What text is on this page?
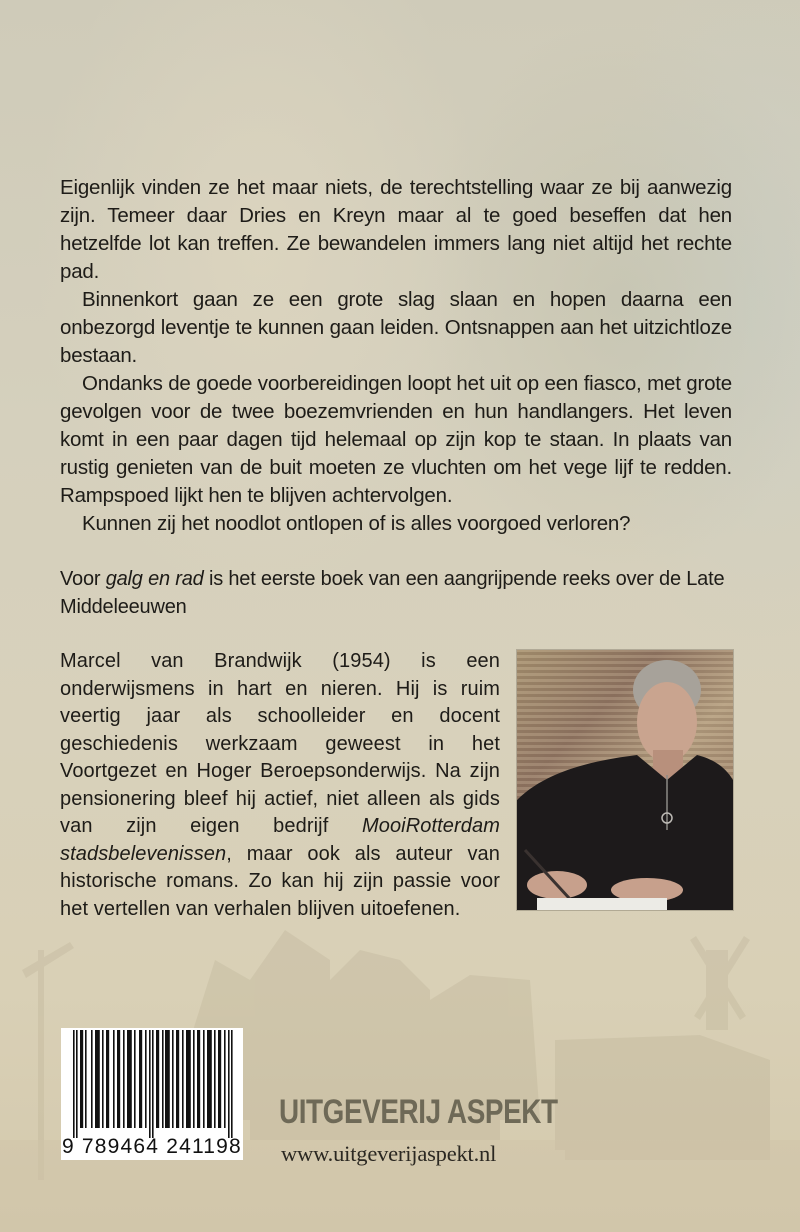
Eigenlijk vinden ze het maar niets, de terechtstelling waar ze bij aanwezig zijn. Temeer daar Dries en Kreyn maar al te goed beseffen dat hen hetzelfde lot kan treffen. Ze bewandelen immers lang niet altijd het rechte pad.

Binnenkort gaan ze een grote slag slaan en hopen daarna een onbezorgd leventje te kunnen gaan leiden. Ontsnappen aan het uitzichtloze bestaan.

Ondanks de goede voorbereidingen loopt het uit op een fiasco, met grote gevolgen voor de twee boezemvrienden en hun handlangers. Het leven komt in een paar dagen tijd helemaal op zijn kop te staan. In plaats van rustig genieten van de buit moeten ze vluchten om het vege lijf te redden. Rampspoed lijkt hen te blijven achtervolgen.

Kunnen zij het noodlot ontlopen of is alles voorgoed verloren?

Voor galg en rad is het eerste boek van een aangrijpende reeks over de Late Middeleeuwen
Marcel van Brandwijk (1954) is een onderwijsmens in hart en nieren. Hij is ruim veertig jaar als schoolleider en docent geschiedenis werkzaam geweest in het Voortgezet en Hoger Beroepsonderwijs. Na zijn pensionering bleef hij actief, niet alleen als gids van zijn eigen bedrijf MooiRotterdam stadsbelevenissen, maar ook als auteur van historische romans. Zo kan hij zijn passie voor het vertellen van verhalen blijven uitoefenen.
9 789464 241198
UITGEVERIJ ASPEKT
www.uitgeverijaspekt.nl
